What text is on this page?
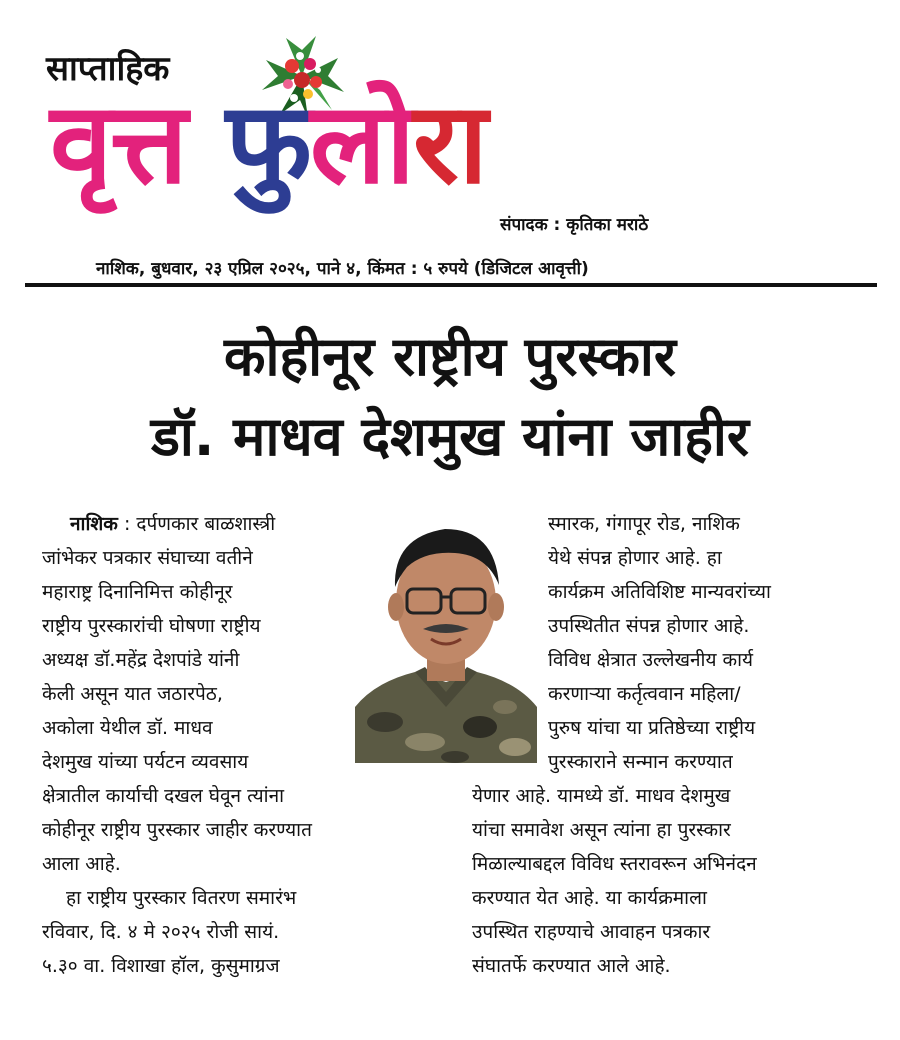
साप्ताहिक
वृत्त फुलोरा
संपादक : कृतिका मराठे
नाशिक, बुधवार, २३ एप्रिल २०२५, पाने ४, किंमत : ५ रुपये (डिजिटल आवृत्ती)
कोहीनूर राष्ट्रीय पुरस्कार
डॉ. माधव देशमुख यांना जाहीर
नाशिक : दर्पणकार बाळशास्त्री
जांभेकर पत्रकार संघाच्या वतीने
महाराष्ट्र दिनानिमित्त कोहीनूर
राष्ट्रीय पुरस्कारांची घोषणा राष्ट्रीय
अध्यक्ष डॉ.महेंद्र देशपांडे यांनी
केली असून यात जठारपेठ,
अकोला येथील डॉ. माधव
देशमुख यांच्या पर्यटन व्यवसाय
क्षेत्रातील कार्याची दखल घेवून त्यांना
कोहीनूर राष्ट्रीय पुरस्कार जाहीर करण्यात
आला आहे.
हा राष्ट्रीय पुरस्कार वितरण समारंभ
रविवार, दि. ४ मे २०२५ रोजी सायं.
५.३० वा. विशाखा हॉल, कुसुमाग्रज
स्मारक, गंगापूर रोड, नाशिक
येथे संपन्न होणार आहे. हा
कार्यक्रम अतिविशिष्ट मान्यवरांच्या
उपस्थितीत संपन्न होणार आहे.
विविध क्षेत्रात उल्लेखनीय कार्य
करणाऱ्या कर्तृत्ववान महिला/
पुरुष यांचा या प्रतिष्ठेच्या राष्ट्रीय
पुरस्काराने सन्मान करण्यात
येणार आहे. यामध्ये डॉ. माधव देशमुख
यांचा समावेश असून त्यांना हा पुरस्कार
मिळाल्याबद्दल विविध स्तरावरून अभिनंदन
करण्यात येत आहे. या कार्यक्रमाला
उपस्थित राहण्याचे आवाहन पत्रकार
संघातर्फे करण्यात आले आहे.
